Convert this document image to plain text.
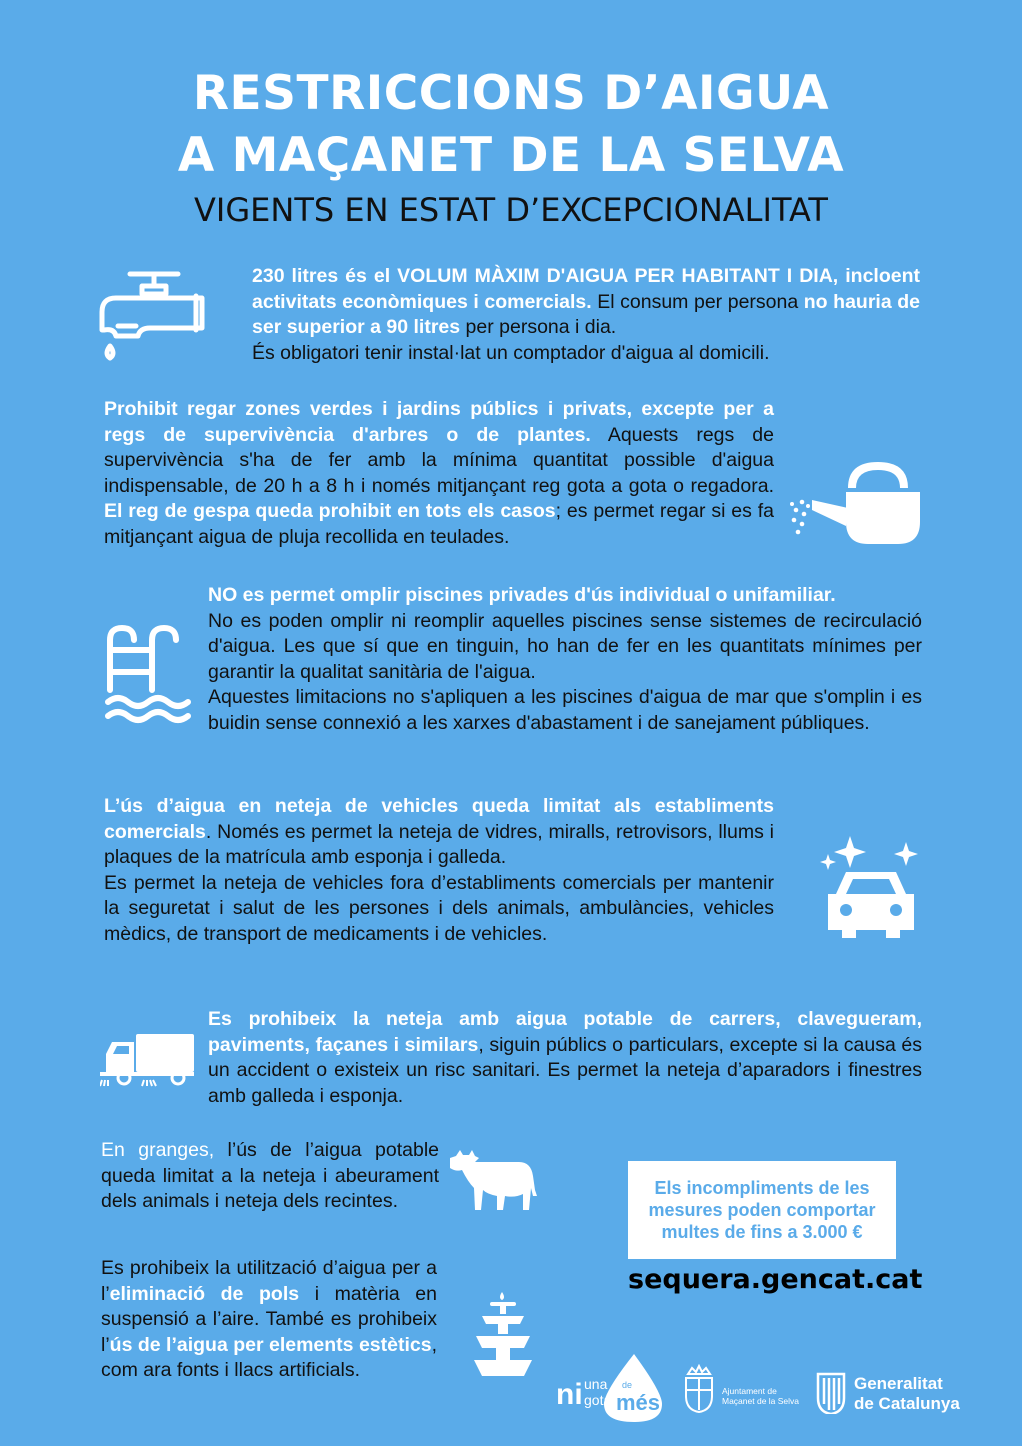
RESTRICCIONS D’AIGUA
A MAÇANET DE LA SELVA
VIGENTS EN ESTAT D’EXCEPCIONALITAT
230 litres és el VOLUM MÀXIM D'AIGUA PER HABITANT I DIA, incloent activitats econòmiques i comercials. El consum per persona no hauria de ser superior a 90 litres per persona i dia.
És obligatori tenir instal·lat un comptador d'aigua al domicili.
Prohibit regar zones verdes i jardins públics i privats, excepte per a regs de supervivència d'arbres o de plantes. Aquests regs de supervivència s'ha de fer amb la mínima quantitat possible d'aigua indispensable, de 20 h a 8 h i només mitjançant reg gota a gota o regadora. El reg de gespa queda prohibit en tots els casos; es permet regar si es fa mitjançant aigua de pluja recollida en teulades.
NO es permet omplir piscines privades d'ús individual o unifamiliar.
No es poden omplir ni reomplir aquelles piscines sense sistemes de recirculació d'aigua. Les que sí que en tinguin, ho han de fer en les quantitats mínimes per garantir la qualitat sanitària de l'aigua.
Aquestes limitacions no s'apliquen a les piscines d'aigua de mar que s'omplin i es buidin sense connexió a les xarxes d'abastament i de sanejament públiques.
L’ús d’aigua en neteja de vehicles queda limitat als establiments comercials. Només es permet la neteja de vidres, miralls, retrovisors, llums i plaques de la matrícula amb esponja i galleda.
Es permet la neteja de vehicles fora d’establiments comercials per mantenir la seguretat i salut de les persones i dels animals, ambulàncies, vehicles mèdics, de transport de medicaments i de vehicles.
Es prohibeix la neteja amb aigua potable de carrers, clavegueram, paviments, façanes i similars, siguin públics o particulars, excepte si la causa és un accident o existeix un risc sanitari. Es permet la neteja d’aparadors i finestres amb galleda i esponja.
En granges, l’ús de l’aigua potable queda limitat a la neteja i abeurament dels animals i neteja dels recintes.
Es prohibeix la utilització d’aigua per a l’eliminació de pols i matèria en suspensió a l’aire. També es prohibeix l’ús de l’aigua per elements estètics, com ara fonts i llacs artificials.
Els incompliments de les mesures poden comportar multes de fins a 3.000 €
sequera.gencat.cat
ni una
gota
de
més	Ajuntament de
Maçanet de la Selva
Generalitat
de Catalunya
